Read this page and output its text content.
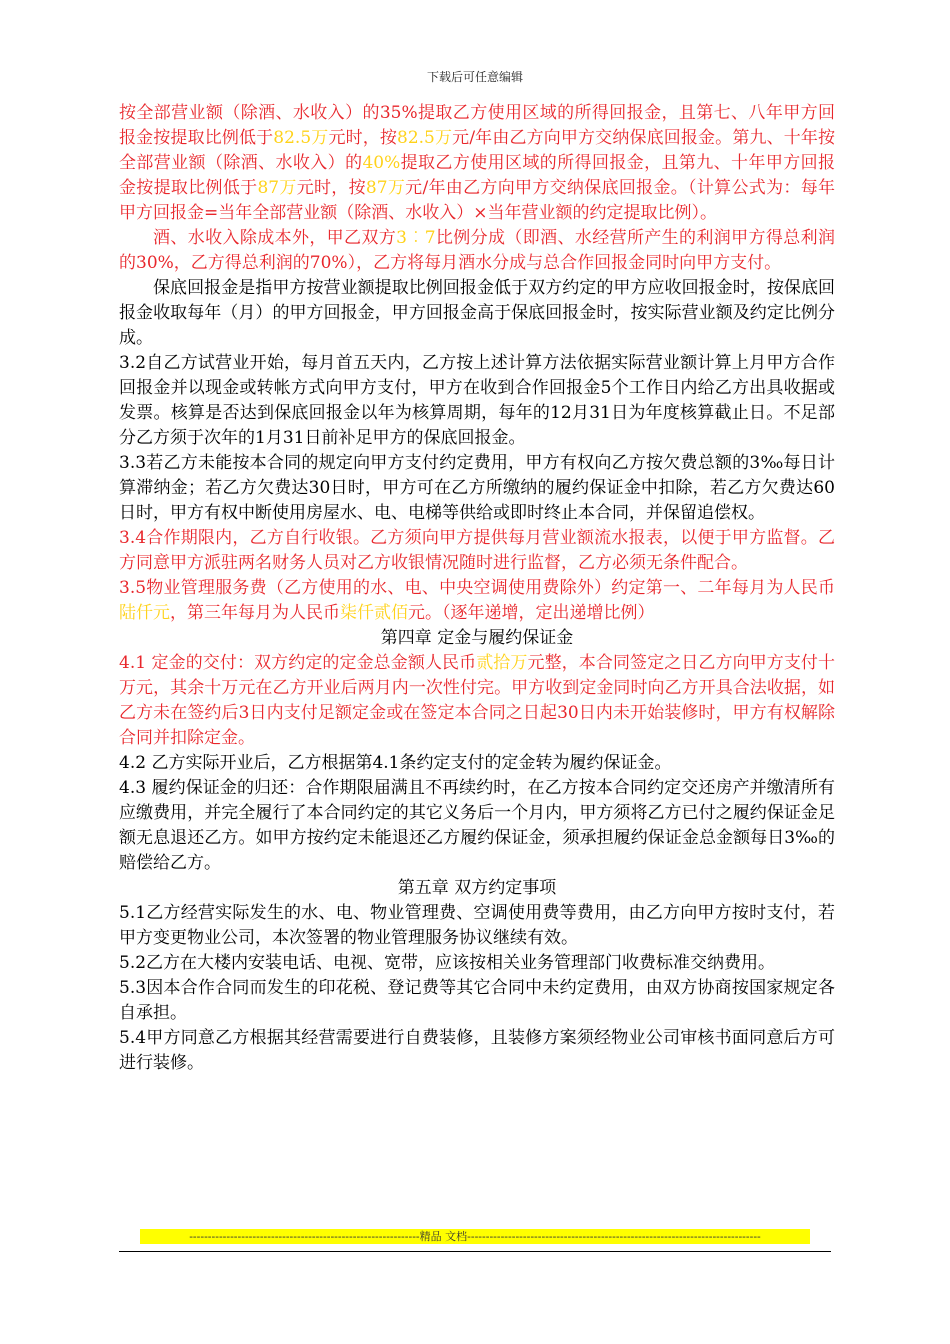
下载后可任意编辑

按全部营业额（除酒、水收入）的35%提取乙方使用区域的所得回报金，且第七、八年甲方回报金按提取比例低于82.5万元时，按82.5万元/年由乙方向甲方交纳保底回报金。第九、十年按全部营业额（除酒、水收入）的40%提取乙方使用区域的所得回报金，且第九、十年甲方回报金按提取比例低于87万元时，按87万元/年由乙方向甲方交纳保底回报金。（计算公式为：每年甲方回报金=当年全部营业额（除酒、水收入）×当年营业额的约定提取比例）。

酒、水收入除成本外，甲乙双方3︰7比例分成（即酒、水经营所产生的利润甲方得总利润的30%，乙方得总利润的70%），乙方将每月酒水分成与总合作回报金同时向甲方支付。

保底回报金是指甲方按营业额提取比例回报金低于双方约定的甲方应收回报金时，按保底回报金收取每年（月）的甲方回报金，甲方回报金高于保底回报金时，按实际营业额及约定比例分成。

3.2自乙方试营业开始，每月首五天内，乙方按上述计算方法依据实际营业额计算上月甲方合作回报金并以现金或转帐方式向甲方支付，甲方在收到合作回报金5个工作日内给乙方出具收据或发票。核算是否达到保底回报金以年为核算周期，每年的12月31日为年度核算截止日。不足部分乙方须于次年的1月31日前补足甲方的保底回报金。

3.3若乙方未能按本合同的规定向甲方支付约定费用，甲方有权向乙方按欠费总额的3‰每日计算滞纳金；若乙方欠费达30日时，甲方可在乙方所缴纳的履约保证金中扣除，若乙方欠费达60日时，甲方有权中断使用房屋水、电、电梯等供给或即时终止本合同，并保留追偿权。

3.4合作期限内，乙方自行收银。乙方须向甲方提供每月营业额流水报表，以便于甲方监督。乙方同意甲方派驻两名财务人员对乙方收银情况随时进行监督，乙方必须无条件配合。

3.5物业管理服务费（乙方使用的水、电、中央空调使用费除外）约定第一、二年每月为人民币陆仟元，第三年每月为人民币柒仟贰佰元。（逐年递增，定出递增比例）

第四章 定金与履约保证金

4.1 定金的交付：双方约定的定金总金额人民币贰拾万元整，本合同签定之日乙方向甲方支付十万元，其余十万元在乙方开业后两月内一次性付完。甲方收到定金同时向乙方开具合法收据，如乙方未在签约后3日内支付足额定金或在签定本合同之日起30日内未开始装修时，甲方有权解除合同并扣除定金。

4.2 乙方实际开业后，乙方根据第4.1条约定支付的定金转为履约保证金。

4.3 履约保证金的归还：合作期限届满且不再续约时，在乙方按本合同约定交还房产并缴清所有应缴费用，并完全履行了本合同约定的其它义务后一个月内，甲方须将乙方已付之履约保证金足额无息退还乙方。如甲方按约定未能退还乙方履约保证金，须承担履约保证金总金额每日3‰的赔偿给乙方。

第五章 双方约定事项

5.1乙方经营实际发生的水、电、物业管理费、空调使用费等费用，由乙方向甲方按时支付，若甲方变更物业公司，本次签署的物业管理服务协议继续有效。

5.2乙方在大楼内安装电话、电视、宽带，应该按相关业务管理部门收费标准交纳费用。

5.3因本合作合同而发生的印花税、登记费等其它合同中未约定费用，由双方协商按国家规定各自承担。

5.4甲方同意乙方根据其经营需要进行自费装修，且装修方案须经物业公司审核书面同意后方可进行装修。

--------------------------------------------------------------精品 文档-------------------------------------------------------------------------------
